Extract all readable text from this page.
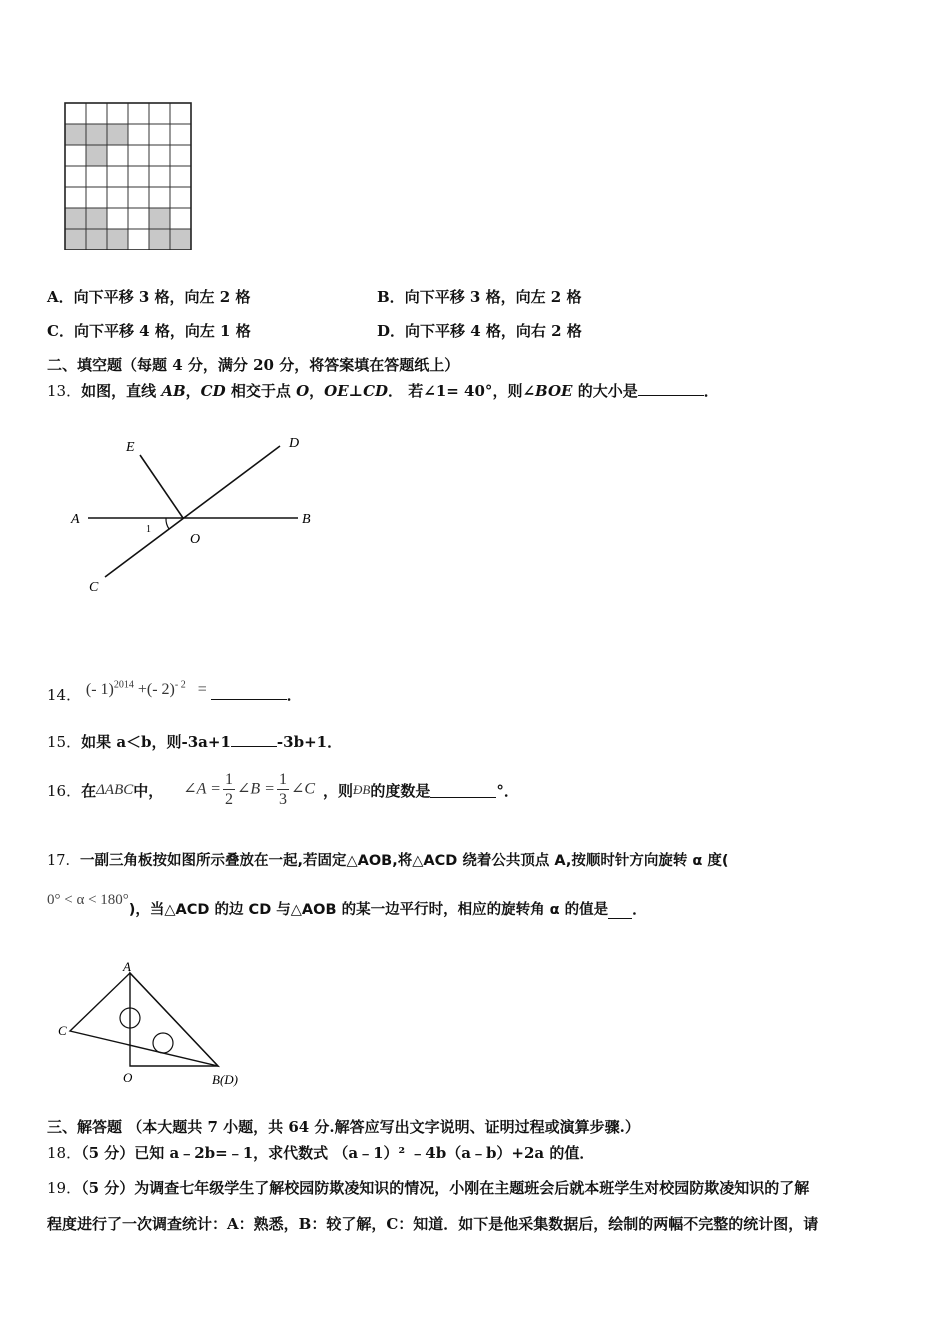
A．向下平移 3 格，向左 2 格	B．向下平移 3 格，向左 2 格
C．向下平移 4 格，向左 1 格	D．向下平移 4 格，向右 2 格
二、填空题（每题 4 分，满分 20 分，将答案填在答题纸上）
13．如图，直线 AB，CD 相交于点 O，OE⊥CD． 若∠1= 40°，则∠BOE 的大小是	．
E	D
A	B
O
C
1
14． (- 1)$^{2014}$ +(- 2)$^{- 2}$ =	．
15．如果 a＜b，则-3a+1	-3b+1．
16． 在 ΔABC 中， ∠A = $\frac{1}{2}$ ∠B = $\frac{1}{3}$ ∠C ，则 ÐB 的度数是	°．
17．一副三角板按如图所示叠放在一起,若固定△AOB,将△ACD 绕着公共顶点 A,按顺时针方向旋转 α 度(
0° < α < 180°
)，当△ACD 的边 CD 与△AOB 的某一边平行时，相应的旋转角 α 的值是 ．
A
C
O	B(D)
三、解答题 （本大题共 7 小题，共 64 分.解答应写出文字说明、证明过程或演算步骤.）
18．（5 分）已知 a﹣2b=﹣1，求代数式 （a﹣1）² ﹣4b（a﹣b）+2a 的值．
19．（5 分）为调查七年级学生了解校园防欺凌知识的情况，小刚在主题班会后就本班学生对校园防欺凌知识的了解
程度进行了一次调查统计：A：熟悉，B：较了解，C：知道．如下是他采集数据后，绘制的两幅不完整的统计图，请
